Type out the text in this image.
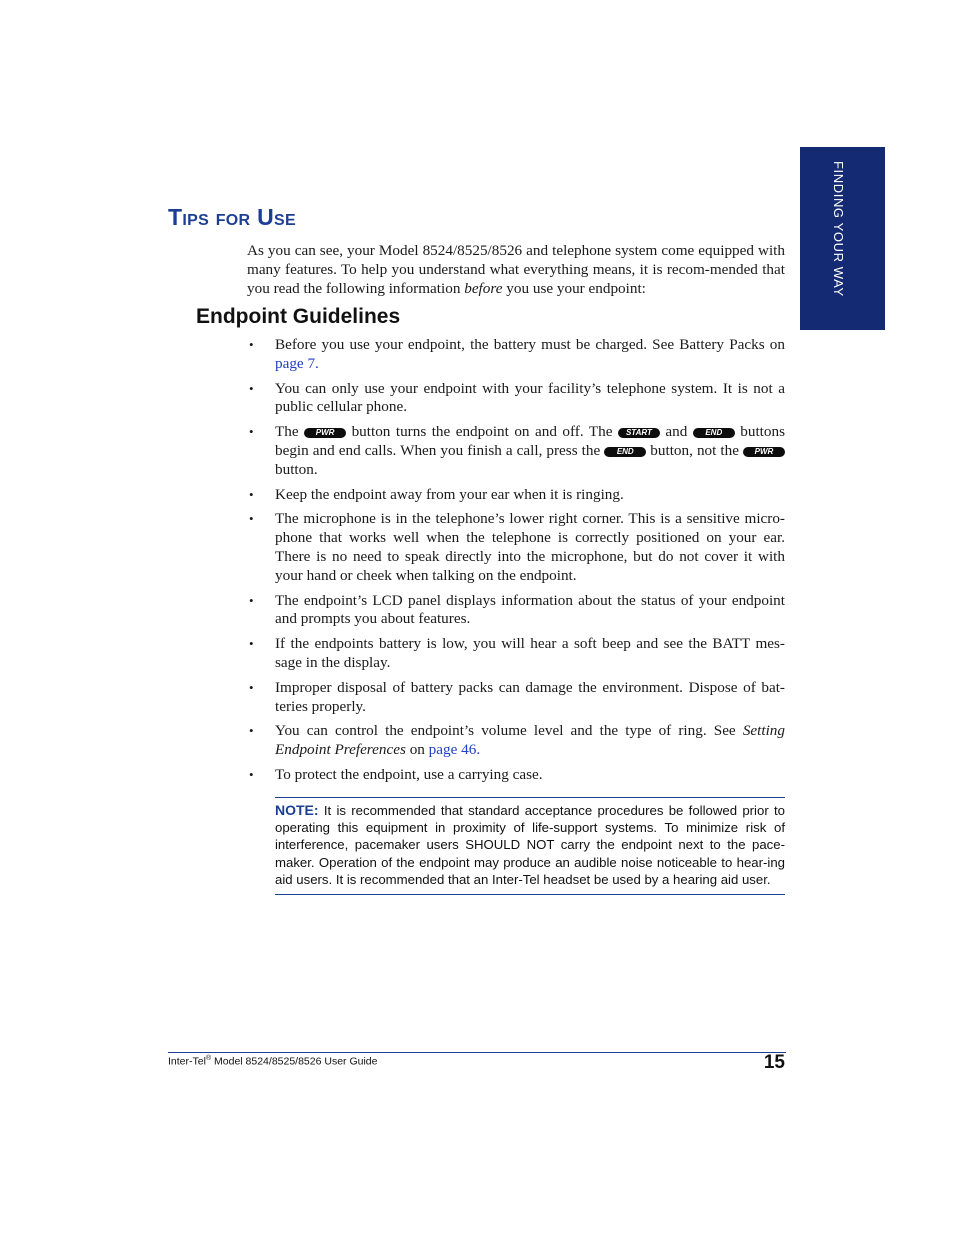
FINDING YOUR WAY
Tips for Use
As you can see, your Model 8524/8525/8526 and telephone system come equipped with many features. To help you understand what everything means, it is recom-mended that you read the following information before you use your endpoint:
Endpoint Guidelines
• Before you use your endpoint, the battery must be charged. See Battery Packs on page 7.
• You can only use your endpoint with your facility’s telephone system. It is not a public cellular phone.
• The PWR button turns the endpoint on and off. The START and END buttons begin and end calls. When you finish a call, press the END button, not the PWR button.
• Keep the endpoint away from your ear when it is ringing.
• The microphone is in the telephone’s lower right corner. This is a sensitive micro-phone that works well when the telephone is correctly positioned on your ear. There is no need to speak directly into the microphone, but do not cover it with your hand or cheek when talking on the endpoint.
• The endpoint’s LCD panel displays information about the status of your endpoint and prompts you about features.
• If the endpoints battery is low, you will hear a soft beep and see the BATT mes-sage in the display.
• Improper disposal of battery packs can damage the environment. Dispose of bat-teries properly.
• You can control the endpoint’s volume level and the type of ring. See Setting Endpoint Preferences on page 46.
• To protect the endpoint, use a carrying case.
NOTE: It is recommended that standard acceptance procedures be followed prior to operating this equipment in proximity of life-support systems. To minimize risk of interference, pacemaker users SHOULD NOT carry the endpoint next to the pace-maker. Operation of the endpoint may produce an audible noise noticeable to hear-ing aid users. It is recommended that an Inter-Tel headset be used by a hearing aid user.
Inter-Tel® Model 8524/8525/8526 User Guide	15
